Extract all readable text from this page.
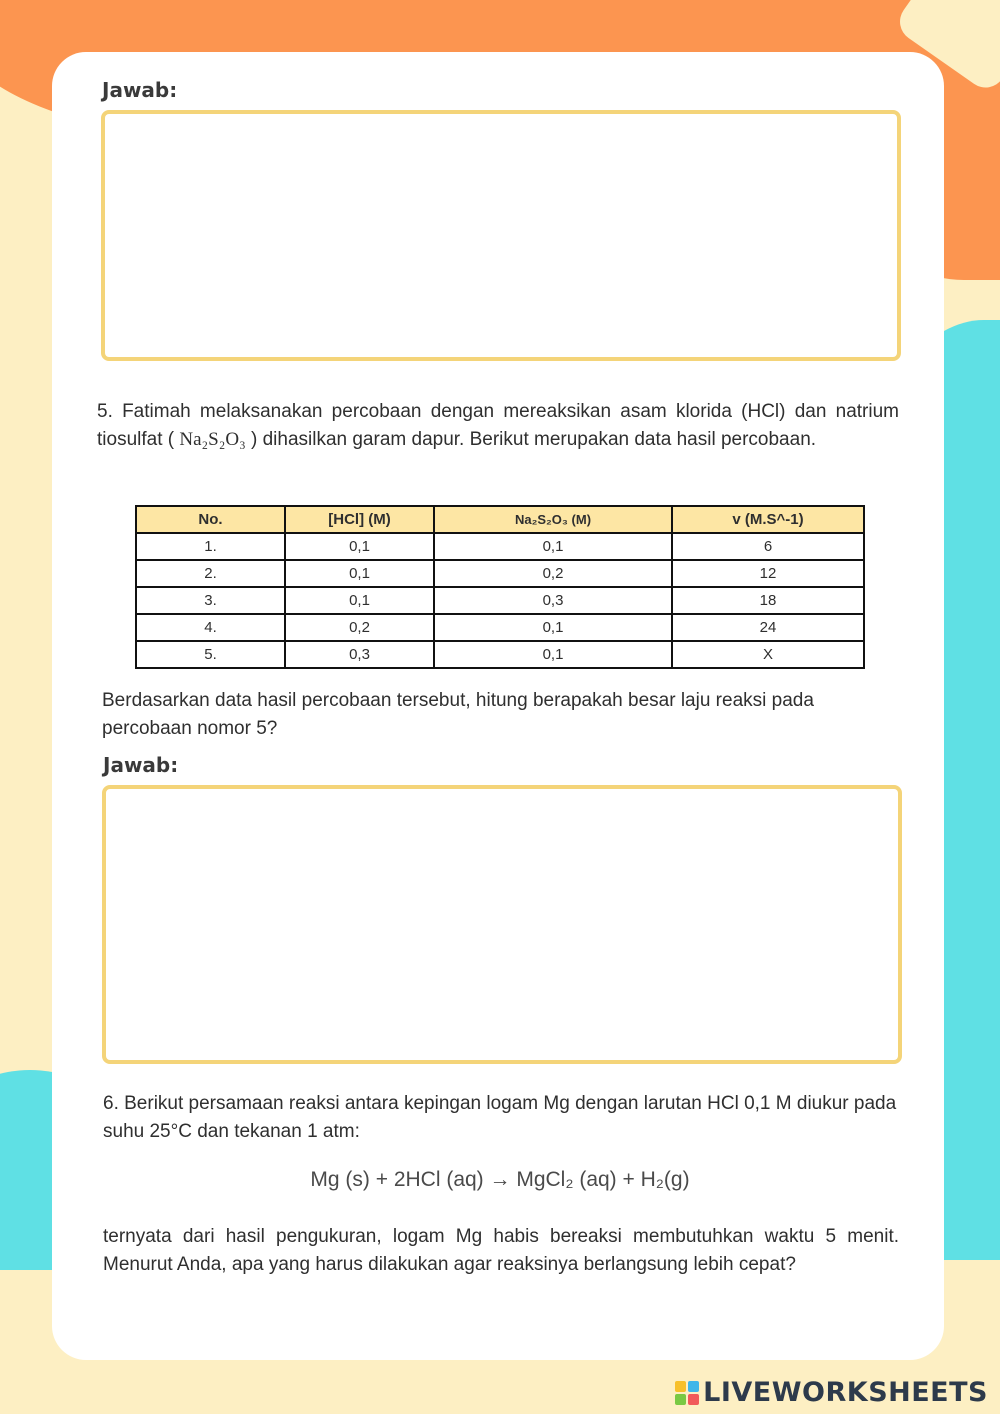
Jawab:
5. Fatimah melaksanakan percobaan dengan mereaksikan asam klorida (HCl) dan natrium tiosulfat ( Na₂S₂O₃ ) dihasilkan garam dapur. Berikut merupakan data hasil percobaan.
No.	[HCl] (M)	Na₂S₂O₃ (M)	v (M.S^-1)
1.	0,1	0,1	6
2.	0,1	0,2	12
3.	0,1	0,3	18
4.	0,2	0,1	24
5.	0,3	0,1	X
Berdasarkan data hasil percobaan tersebut, hitung berapakah besar laju reaksi pada percobaan nomor 5?
Jawab:
6. Berikut persamaan reaksi antara kepingan logam Mg dengan larutan HCl 0,1 M diukur pada suhu 25°C dan tekanan 1 atm:
Mg (s) + 2HCl (aq) → MgCl₂ (aq) + H₂(g)
ternyata dari hasil pengukuran, logam Mg habis bereaksi membutuhkan waktu 5 menit. Menurut Anda, apa yang harus dilakukan agar reaksinya berlangsung lebih cepat?
LIVEWORKSHEETS
